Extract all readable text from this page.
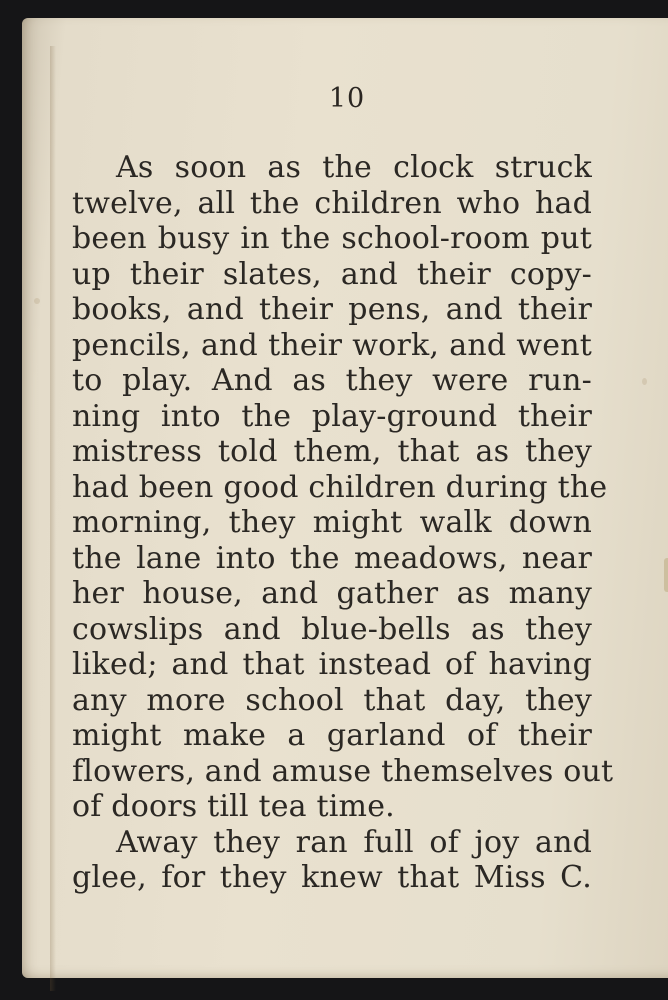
10
As soon as the clock struck
twelve, all the children who had
been busy in the school-room put
up their slates, and their copy-
books, and their pens, and their
pencils, and their work, and went
to play. And as they were run-
ning into the play-ground their
mistress told them, that as they
had been good children during the
morning, they might walk down
the lane into the meadows, near
her house, and gather as many
cowslips and blue-bells as they
liked; and that instead of having
any more school that day, they
might make a garland of their
flowers, and amuse themselves out
of doors till tea time.
Away they ran full of joy and
glee, for they knew that Miss C.
